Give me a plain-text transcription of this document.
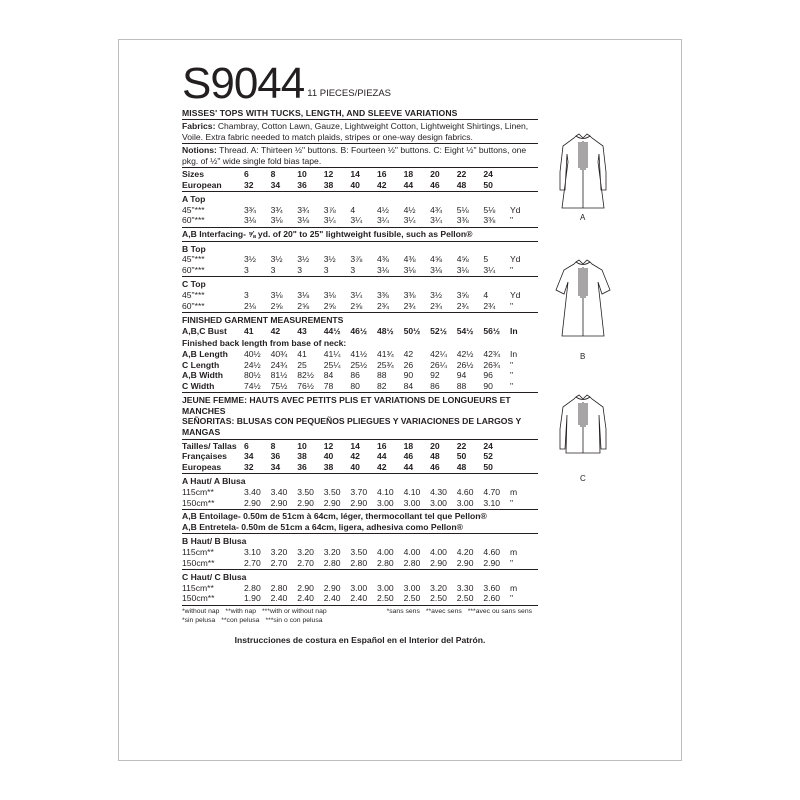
S9044 11 PIECES/PIEZAS
MISSES' TOPS WITH TUCKS, LENGTH, AND SLEEVE VARIATIONS
Fabrics: Chambray, Cotton Lawn, Gauze, Lightweight Cotton, Lightweight Shirtings, Linen, Voile. Extra fabric needed to match plaids, stripes or one-way design fabrics.
Notions: Thread. A: Thirteen ½" buttons. B: Fourteen ½" buttons. C: Eight ½" buttons, one pkg. of ½" wide single fold bias tape.
Sizes	6	8	10	12	14	16	18	20	22	24
European	32	34	36	38	40	42	44	46	48	50
A Top
45"***	3¾	3¾	3¾	3⅞	4	4½	4½	4¾	5⅛	5⅛	Yd
60"***	3⅛	3⅛	3⅛	3¼	3¼	3¼	3¼	3¼	3⅜	3⅜	"
A,B Interfacing- ⅝ yd. of 20" to 25" lightweight fusible, such as Pellon®
B Top
45"***	3½	3½	3½	3½	3⅞	4⅜	4⅜	4⅝	4⅝	5	Yd
60"***	3	3	3	3	3	3⅛	3⅛	3⅛	3⅛	3¼	"
C Top
45"***	3	3⅛	3⅛	3⅛	3¼	3⅜	3⅜	3½	3⅝	4	Yd
60"***	2⅛	2⅝	2⅝	2⅝	2⅝	2¾	2¾	2¾	2¾	2¾	"
FINISHED GARMENT MEASUREMENTS
A,B,C Bust	41	42	43	44½	46½	48½	50½	52½	54½	56½	In
Finished back length from base of neck:
A,B Length	40½	40¾	41	41¼	41½	41¾	42	42¼	42½	42¾	In
C Length	24½	24¾	25	25¼	25½	25¾	26	26¼	26½	26¾	"
A,B Width	80½	81½	82½	84	86	88	90	92	94	96	"
C Width	74½	75½	76½	78	80	82	84	86	88	90	"
JEUNE FEMME: HAUTS AVEC PETITS PLIS ET VARIATIONS DE LONGUEURS ET MANCHES
SEÑORITAS: BLUSAS CON PEQUEÑOS PLIEGUES Y VARIACIONES DE LARGOS Y MANGAS
Tailles/ Tallas 6	8	10	12	14	16	18	20	22	24
Françaises	34	36	38	40	42	44	46	48	50	52
Europeas	32	34	36	38	40	42	44	46	48	50
A Haut/ A Blusa
115cm**	3.40	3.40	3.50	3.50	3.70	4.10	4.10	4.30	4.60	4.70	m
150cm**	2.90	2.90	2.90	2.90	2.90	3.00	3.00	3.00	3.00	3.10	"
A,B Entoilage- 0.50m de 51cm à 64cm, léger, thermocollant tel que Pellon®
A,B Entretela- 0.50m de 51cm a 64cm, ligera, adhesiva como Pellon®
B Haut/ B Blusa
115cm**	3.10	3.20	3.20	3.20	3.50	4.00	4.00	4.00	4.20	4.60	m
150cm**	2.70	2.70	2.70	2.80	2.80	2.80	2.80	2.90	2.90	2.90	"
C Haut/ C Blusa
115cm**	2.80	2.80	2.90	2.90	3.00	3.00	3.00	3.20	3.30	3.60	m
150cm**	1.90	2.40	2.40	2.40	2.40	2.50	2.50	2.50	2.50	2.60	"
*without nap **with nap ***with or without nap
*sin pelusa **con pelusa ***sin o con pelusa
*sans sens **avec sens ***avec ou sans sens
Instrucciones de costura en Español en el Interior del Patrón.
A
B
C
